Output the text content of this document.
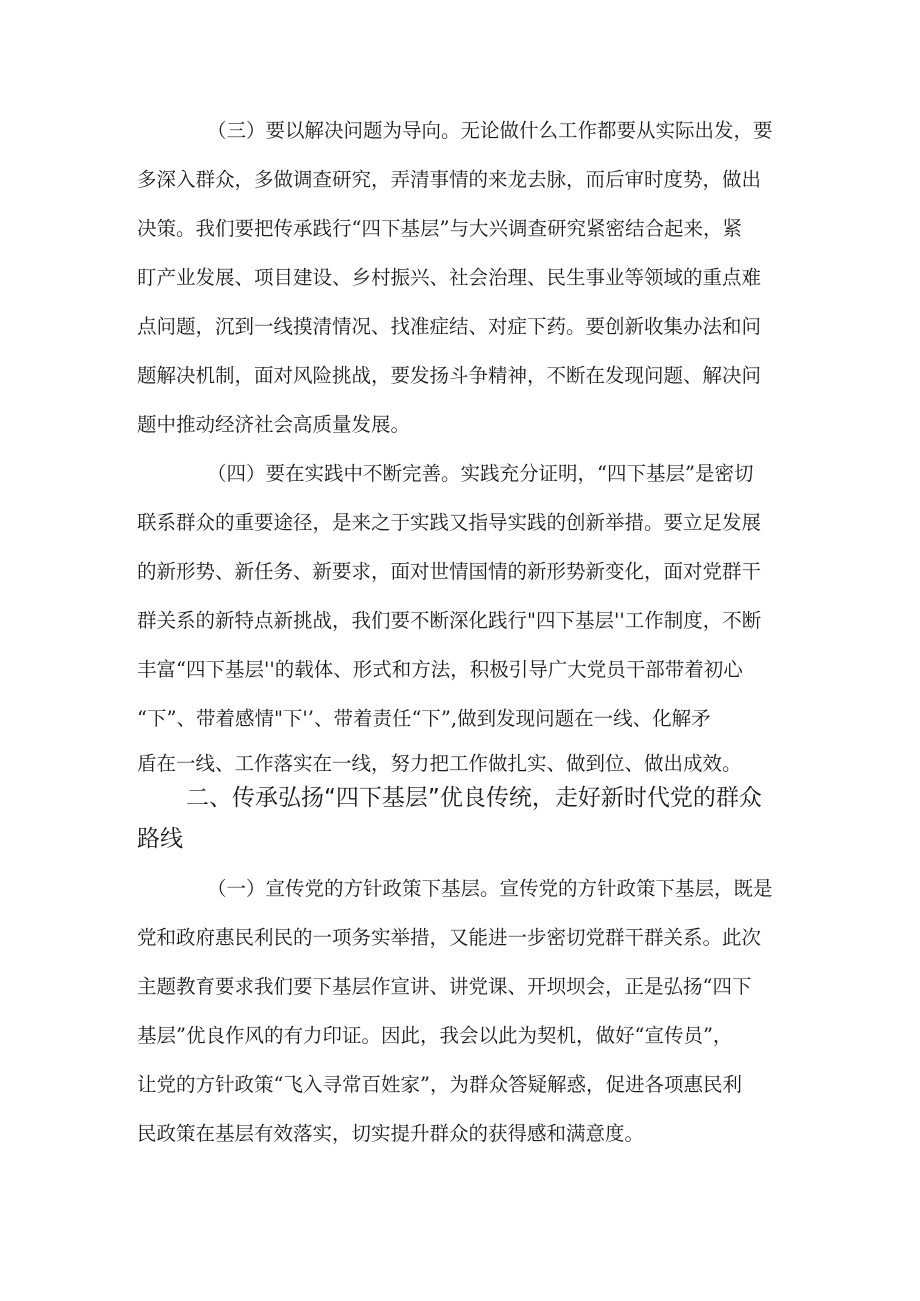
（三）要以解决问题为导向。无论做什么工作都要从实际出发，要
多深入群众，多做调查研究，弄清事情的来龙去脉，而后审时度势，做出
决策。我们要把传承践行“四下基层”与大兴调查研究紧密结合起来，紧
盯产业发展、项目建设、乡村振兴、社会治理、民生事业等领域的重点难
点问题，沉到一线摸清情况、找准症结、对症下药。要创新收集办法和问
题解决机制，面对风险挑战，要发扬斗争精神，不断在发现问题、解决问
题中推动经济社会高质量发展。
（四）要在实践中不断完善。实践充分证明，“四下基层”是密切
联系群众的重要途径，是来之于实践又指导实践的创新举措。要立足发展
的新形势、新任务、新要求，面对世情国情的新形势新变化，面对党群干
群关系的新特点新挑战，我们要不断深化践行"四下基层''工作制度，不断
丰富“四下基层''的载体、形式和方法，积极引导广大党员干部带着初心
“下”、带着感情"下'’、带着责任“下”,做到发现问题在一线、化解矛
盾在一线、工作落实在一线，努力把工作做扎实、做到位、做出成效。
二、传承弘扬“四下基层”优良传统，走好新时代党的群众
路线
（一）宣传党的方针政策下基层。宣传党的方针政策下基层，既是
党和政府惠民利民的一项务实举措，又能进一步密切党群干群关系。此次
主题教育要求我们要下基层作宣讲、讲党课、开坝坝会，正是弘扬“四下
基层”优良作风的有力印证。因此，我会以此为契机，做好“宣传员”，
让党的方针政策“飞入寻常百姓家”，为群众答疑解惑，促进各项惠民利
民政策在基层有效落实，切实提升群众的获得感和满意度。
